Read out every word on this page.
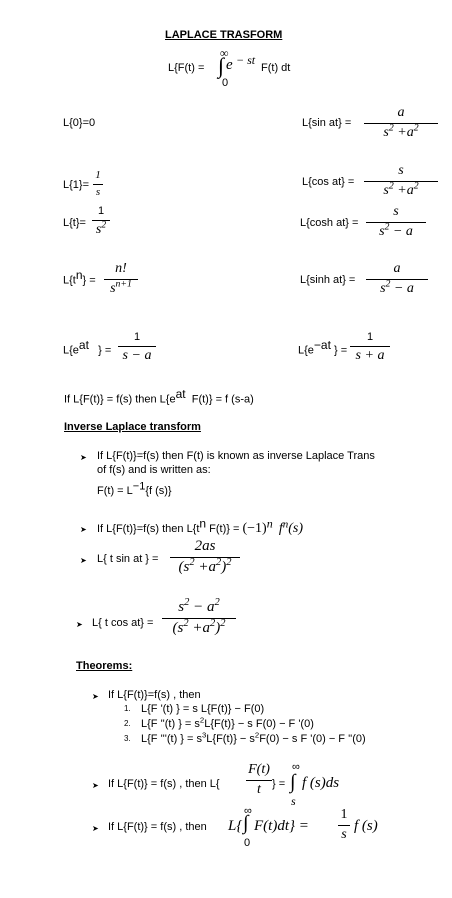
LAPLACE TRASFORM
L{F(t) =
∞
∫ e − st
F(t) dt
0
L{0}=0
L{1}=
1
s
L{t}=
1
$s^2$
$L\{t^n\}$ =
n!
$s^{n+1}$
$L\{e^{at}$ } =
1
s − a
L{sin at} =
a
$s^2 +a^2$
L{cos at} =
s
$s^2 +a^2$
L{cosh at} =
s
$s^2 - a$
L{sinh at} =
a
$s^2 - a$
$L\{e^{-at}$ } =
1
s + a
If L{F(t)} = f(s) then $L\{e^{at}$ F(t)} = f (s-a)
Inverse Laplace transform
➤ If L{F(t)}=f(s) then F(t) is known as inverse Laplace Trans
of f(s) and is written as:
$F(t) = L^{-1}\{f$ (s)}
➤ If L{F(t)}=f(s) then $L\{t^n$ $F(t)\} = (-1)^n$ $f^n(s)$
➤ L{ t sin at } =
2as
$(s^2 +a^2)^2$
➤ L{ t cos at} =
$s^2 - a^2$
$(s^2 +a^2)^2$
Theorems:
➤ If L{F(t)}=f(s) , then
1. L{F '(t) } = s L{F(t)} − F(0)
2. L{F ''(t) } = $s^2L\{F(t)\} - s$ F(0) − F '(0)
3. L{F '''(t) } = $s^3L\{F(t)\} - s^2F(0) - s$ F '(0) − F ''(0)
➤ If L{F(t)} = f(s) , then L{
F(t)
t	} =
∞
∫
s
f (s)ds
➤ If L{F(t)} = f(s) , then L{
∞
∫
0
F(t)dt} =
1
s
f (s)
